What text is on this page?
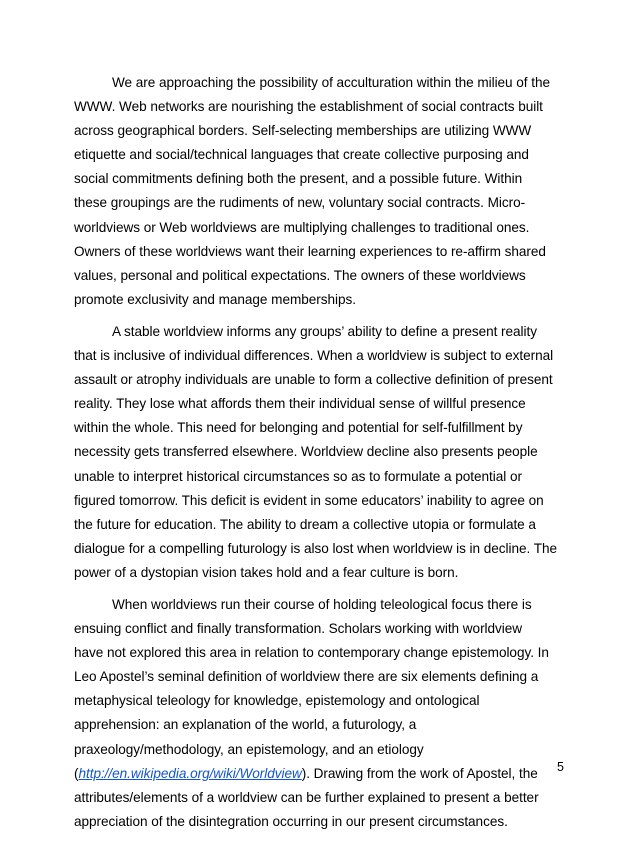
We are approaching the possibility of acculturation within the milieu of the
WWW. Web networks are nourishing the establishment of social contracts built
across geographical borders. Self-selecting memberships are utilizing WWW
etiquette and social/technical languages that create collective purposing and
social commitments defining both the present, and a possible future. Within
these groupings are the rudiments of new, voluntary social contracts. Micro-
worldviews or Web worldviews are multiplying challenges to traditional ones.
Owners of these worldviews want their learning experiences to re-affirm shared
values, personal and political expectations. The owners of these worldviews
promote exclusivity and manage memberships.

A stable worldview informs any groups’ ability to define a present reality
that is inclusive of individual differences. When a worldview is subject to external
assault or atrophy individuals are unable to form a collective definition of present
reality. They lose what affords them their individual sense of willful presence
within the whole. This need for belonging and potential for self-fulfillment by
necessity gets transferred elsewhere. Worldview decline also presents people
unable to interpret historical circumstances so as to formulate a potential or
figured tomorrow. This deficit is evident in some educators’ inability to agree on
the future for education. The ability to dream a collective utopia or formulate a
dialogue for a compelling futurology is also lost when worldview is in decline. The
power of a dystopian vision takes hold and a fear culture is born.

When worldviews run their course of holding teleological focus there is
ensuing conflict and finally transformation. Scholars working with worldview
have not explored this area in relation to contemporary change epistemology. In
Leo Apostel’s seminal definition of worldview there are six elements defining a
metaphysical teleology for knowledge, epistemology and ontological
apprehension: an explanation of the world, a futurology, a
praxeology/methodology, an epistemology, and an etiology
(http://en.wikipedia.org/wiki/Worldview). Drawing from the work of Apostel, the
attributes/elements of a worldview can be further explained to present a better
appreciation of the disintegration occurring in our present circumstances.

5
